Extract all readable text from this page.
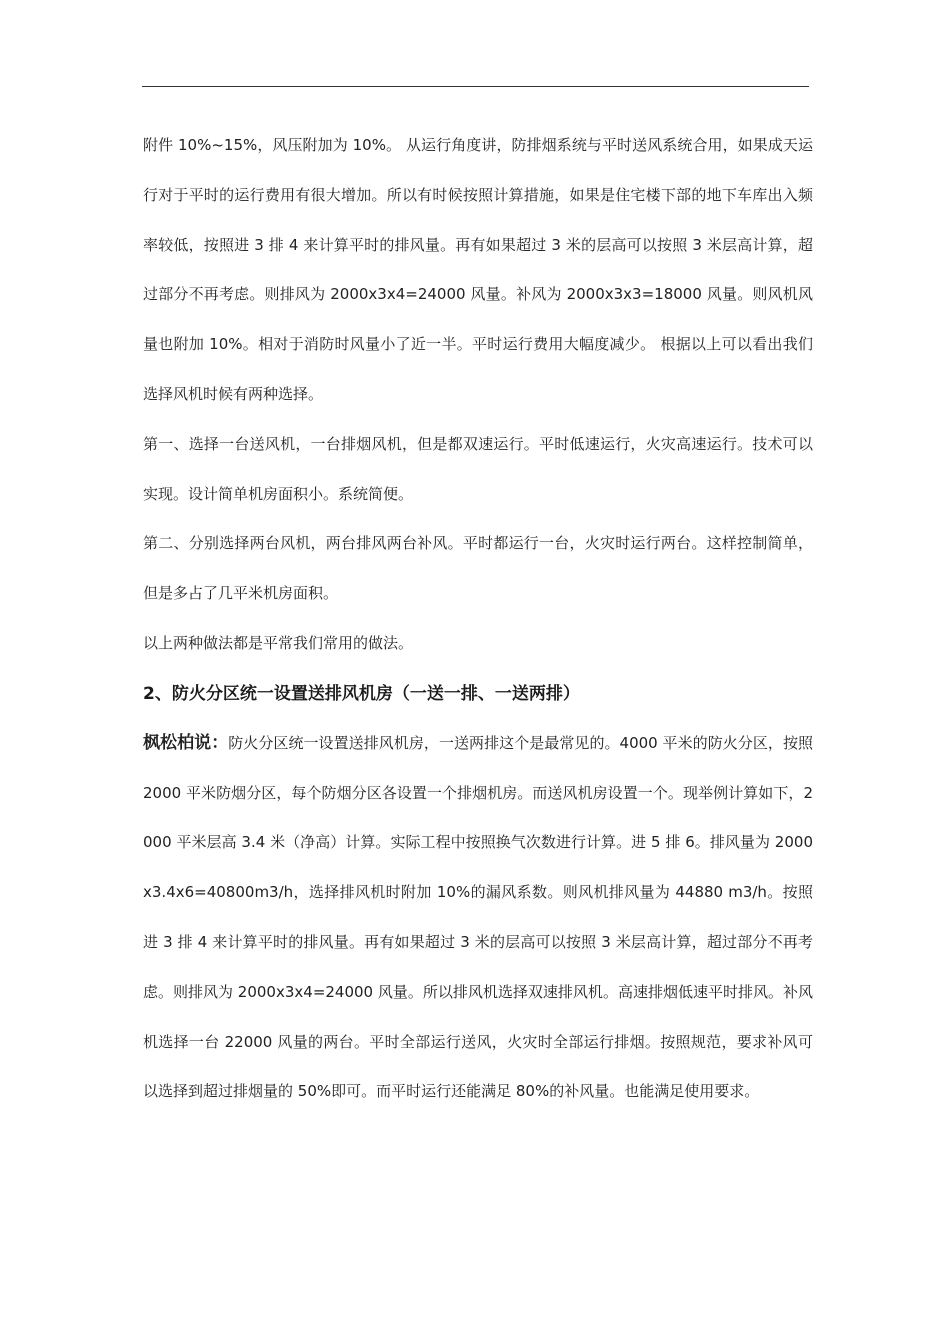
附件 10%~15%，风压附加为 10%。 从运行角度讲，防排烟系统与平时送风系统合用，如果成天运行对于平时的运行费用有很大增加。所以有时候按照计算措施，如果是住宅楼下部的地下车库出入频率较低，按照进 3 排 4 来计算平时的排风量。再有如果超过 3 米的层高可以按照 3 米层高计算，超过部分不再考虑。则排风为 2000x3x4=24000 风量。补风为 2000x3x3=18000 风量。则风机风量也附加 10%。相对于消防时风量小了近一半。平时运行费用大幅度减少。 根据以上可以看出我们选择风机时候有两种选择。

第一、选择一台送风机，一台排烟风机，但是都双速运行。平时低速运行，火灾高速运行。技术可以实现。设计简单机房面积小。系统简便。

第二、分别选择两台风机，两台排风两台补风。平时都运行一台，火灾时运行两台。这样控制简单，但是多占了几平米机房面积。

以上两种做法都是平常我们常用的做法。

2、防火分区统一设置送排风机房（一送一排、一送两排）

枫松柏说：防火分区统一设置送排风机房，一送两排这个是最常见的。4000 平米的防火分区，按照 2000 平米防烟分区，每个防烟分区各设置一个排烟机房。而送风机房设置一个。现举例计算如下，2000 平米层高 3.4 米（净高）计算。实际工程中按照换气次数进行计算。进 5 排 6。排风量为 2000x3.4x6=40800m3/h，选择排风机时附加 10%的漏风系数。则风机排风量为 44880 m3/h。按照进 3 排 4 来计算平时的排风量。再有如果超过 3 米的层高可以按照 3 米层高计算，超过部分不再考虑。则排风为 2000x3x4=24000 风量。所以排风机选择双速排风机。高速排烟低速平时排风。补风机选择一台 22000 风量的两台。平时全部运行送风，火灾时全部运行排烟。按照规范，要求补风可以选择到超过排烟量的 50%即可。而平时运行还能满足 80%的补风量。也能满足使用要求。
